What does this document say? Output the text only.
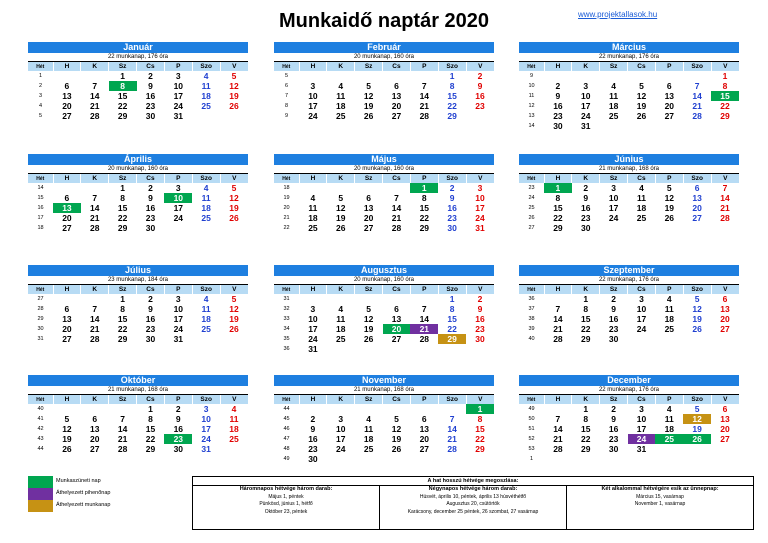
Munkaidő naptár 2020	www.projektallasok.hu
Január
22 munkanap, 176 óra
Hét	H	K	Sz	Cs	P	Szo	V
1			1	2	3	4	5
2	6	7	8	9	10	11	12
3	13	14	15	16	17	18	19
4	20	21	22	23	24	25	26
5	27	28	29	30	31		
Február
20 munkanap, 160 óra
Hét	H	K	Sz	Cs	P	Szo	V
5						1	2
6	3	4	5	6	7	8	9
7	10	11	12	13	14	15	16
8	17	18	19	20	21	22	23
9	24	25	26	27	28	29	
Március
22 munkanap, 176 óra
Hét	H	K	Sz	Cs	P	Szo	V
9							1
10	2	3	4	5	6	7	8
11	9	10	11	12	13	14	15
12	16	17	18	19	20	21	22
13	23	24	25	26	27	28	29
14	30	31					
Április
20 munkanap, 160 óra
Hét	H	K	Sz	Cs	P	Szo	V
14			1	2	3	4	5
15	6	7	8	9	10	11	12
16	13	14	15	16	17	18	19
17	20	21	22	23	24	25	26
18	27	28	29	30			
Május
20 munkanap, 160 óra
Hét	H	K	Sz	Cs	P	Szo	V
18					1	2	3
19	4	5	6	7	8	9	10
20	11	12	13	14	15	16	17
21	18	19	20	21	22	23	24
22	25	26	27	28	29	30	31
Június
21 munkanap, 168 óra
Hét	H	K	Sz	Cs	P	Szo	V
23	1	2	3	4	5	6	7
24	8	9	10	11	12	13	14
25	15	16	17	18	19	20	21
26	22	23	24	25	26	27	28
27	29	30					
Július
23 munkanap, 184 óra
Hét	H	K	Sz	Cs	P	Szo	V
27			1	2	3	4	5
28	6	7	8	9	10	11	12
29	13	14	15	16	17	18	19
30	20	21	22	23	24	25	26
31	27	28	29	30	31		
Augusztus
20 munkanap, 160 óra
Hét	H	K	Sz	Cs	P	Szo	V
31						1	2
32	3	4	5	6	7	8	9
33	10	11	12	13	14	15	16
34	17	18	19	20	21	22	23
35	24	25	26	27	28	29	30
36	31						
Szeptember
22 munkanap, 176 óra
Hét	H	K	Sz	Cs	P	Szo	V
36		1	2	3	4	5	6
37	7	8	9	10	11	12	13
38	14	15	16	17	18	19	20
39	21	22	23	24	25	26	27
40	28	29	30				
Október
21 munkanap, 168 óra
Hét	H	K	Sz	Cs	P	Szo	V
40				1	2	3	4
41	5	6	7	8	9	10	11
42	12	13	14	15	16	17	18
43	19	20	21	22	23	24	25
44	26	27	28	29	30	31	
November
21 munkanap, 168 óra
Hét	H	K	Sz	Cs	P	Szo	V
44							1
45	2	3	4	5	6	7	8
46	9	10	11	12	13	14	15
47	16	17	18	19	20	21	22
48	23	24	25	26	27	28	29
49	30						
December
22 munkanap, 176 óra
Hét	H	K	Sz	Cs	P	Szo	V
49		1	2	3	4	5	6
50	7	8	9	10	11	12	13
51	14	15	16	17	18	19	20
52	21	22	23	24	25	26	27
53	28	29	30	31			
1							
Munkaszüneti nap
Áthelyezett pihenőnap
Áthelyezett munkanap
A hat hosszú hétvége megoszlása:
Háromnapos hétvége három darab:
Május 1, péntek
Pünkösd, június 1, hétfő
Október 23, péntek
Négynapos hétvége három darab:
Húsvét, április 10, péntek, április 13 húsvéthétfő
Augusztus 20, csütörtök
Karácsony, december 25 péntek, 26 szombat, 27 vasárnap
Két alkalommal hétvégére esik az ünnepnap:
Március 15, vasárnap
November 1, vasárnap
